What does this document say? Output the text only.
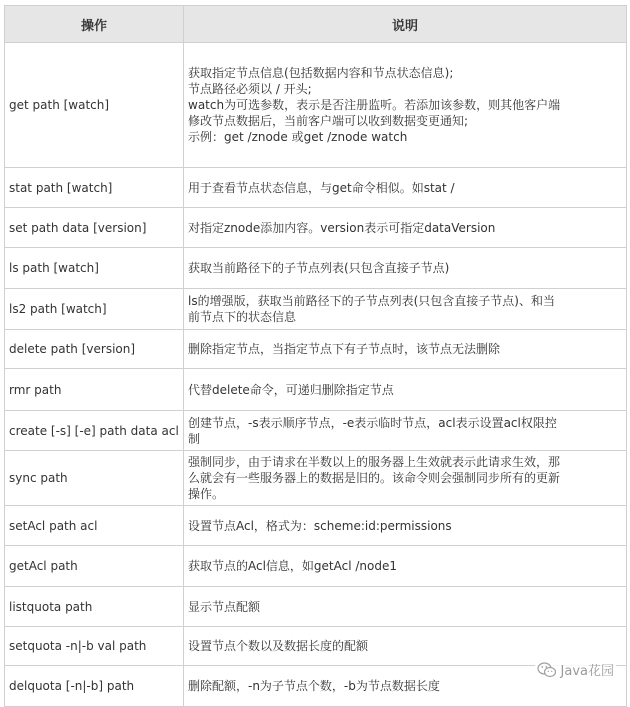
操作	说明
get path [watch]	获取指定节点信息(包括数据内容和节点状态信息);
节点路径必须以 / 开头;
watch为可选参数，表示是否注册监听。若添加该参数，则其他客户端
修改节点数据后，当前客户端可以收到数据变更通知;
示例：get /znode 或get /znode watch

stat path [watch]	用于查看节点状态信息，与get命令相似。如stat /

set path data [version]	对指定znode添加内容。version表示可指定dataVersion

ls path [watch]	获取当前路径下的子节点列表(只包含直接子节点)

ls2 path [watch]	ls的增强版，获取当前路径下的子节点列表(只包含直接子节点)、和当
前节点下的状态信息

delete path [version]	删除指定节点，当指定节点下有子节点时，该节点无法删除

rmr path	代替delete命令，可递归删除指定节点

create [-s] [-e] path data acl	创建节点，-s表示顺序节点，-e表示临时节点，acl表示设置acl权限控
制

sync path	强制同步，由于请求在半数以上的服务器上生效就表示此请求生效，那
么就会有一些服务器上的数据是旧的。该命令则会强制同步所有的更新
操作。

setAcl path acl	设置节点Acl，格式为：scheme:id:permissions

getAcl path	获取节点的Acl信息，如getAcl /node1

listquota path	显示节点配额

setquota -n|-b val path	设置节点个数以及数据长度的配额

delquota [-n|-b] path	删除配额，-n为子节点个数，-b为节点数据长度
Java花园
